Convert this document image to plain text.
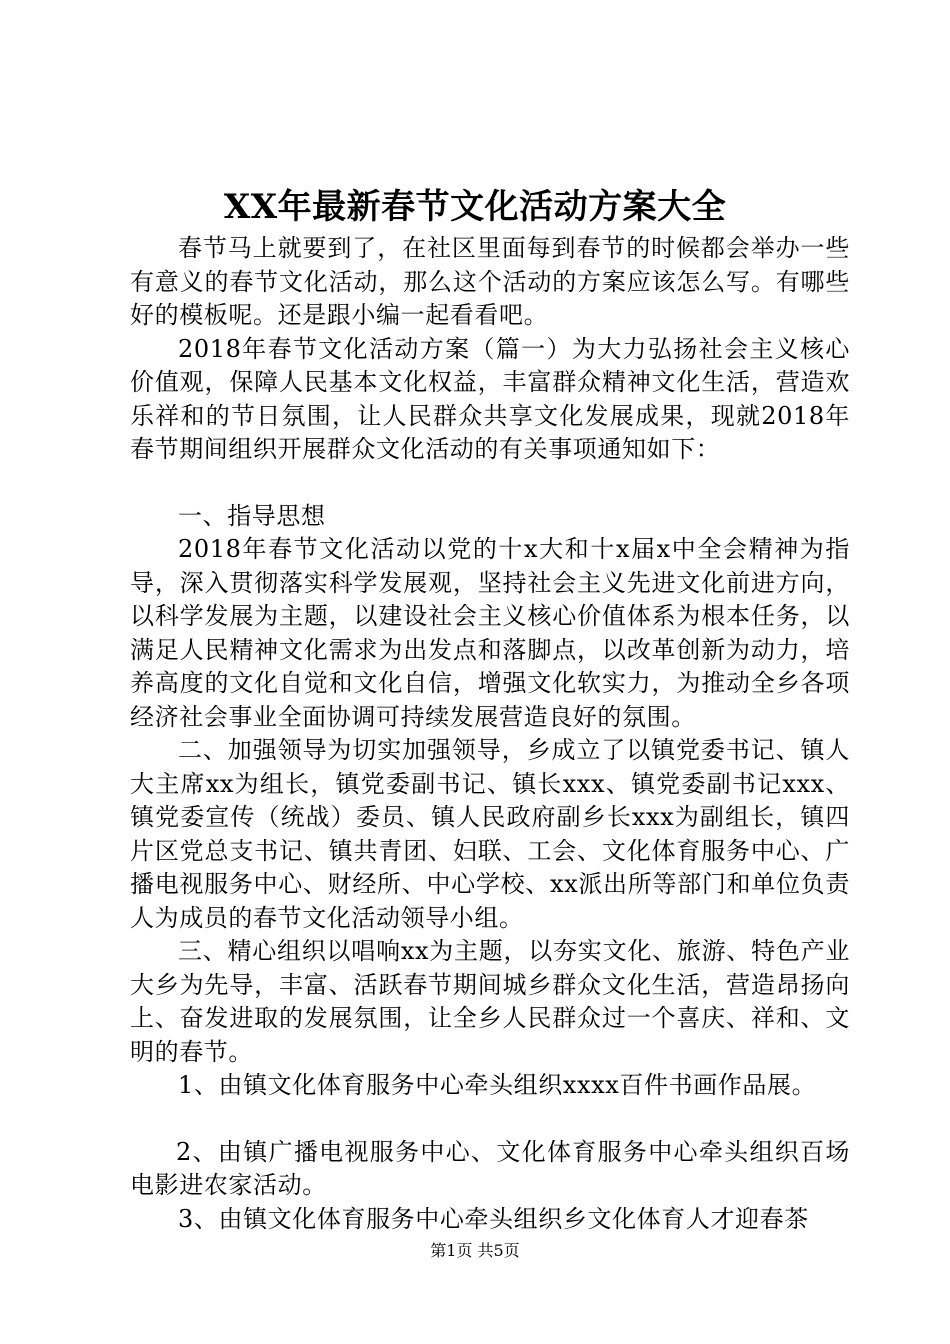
XX年最新春节文化活动方案大全

春节马上就要到了，在社区里面每到春节的时候都会举办一些有意义的春节文化活动，那么这个活动的方案应该怎么写。有哪些好的模板呢。还是跟小编一起看看吧。

2018年春节文化活动方案（篇一）为大力弘扬社会主义核心价值观，保障人民基本文化权益，丰富群众精神文化生活，营造欢乐祥和的节日氛围，让人民群众共享文化发展成果，现就2018年春节期间组织开展群众文化活动的有关事项通知如下：

一、指导思想

2018年春节文化活动以党的十x大和十x届x中全会精神为指导，深入贯彻落实科学发展观，坚持社会主义先进文化前进方向，以科学发展为主题，以建设社会主义核心价值体系为根本任务，以满足人民精神文化需求为出发点和落脚点，以改革创新为动力，培养高度的文化自觉和文化自信，增强文化软实力，为推动全乡各项经济社会事业全面协调可持续发展营造良好的氛围。

二、加强领导为切实加强领导，乡成立了以镇党委书记、镇人大主席xx为组长，镇党委副书记、镇长xxx、镇党委副书记xxx、镇党委宣传（统战）委员、镇人民政府副乡长xxx为副组长，镇四片区党总支书记、镇共青团、妇联、工会、文化体育服务中心、广播电视服务中心、财经所、中心学校、xx派出所等部门和单位负责人为成员的春节文化活动领导小组。

三、精心组织以唱响xx为主题，以夯实文化、旅游、特色产业大乡为先导，丰富、活跃春节期间城乡群众文化生活，营造昂扬向上、奋发进取的发展氛围，让全乡人民群众过一个喜庆、祥和、文明的春节。

1、由镇文化体育服务中心牵头组织xxxx百件书画作品展。

2、由镇广播电视服务中心、文化体育服务中心牵头组织百场电影进农家活动。

3、由镇文化体育服务中心牵头组织乡文化体育人才迎春茶

第1页 共5页
